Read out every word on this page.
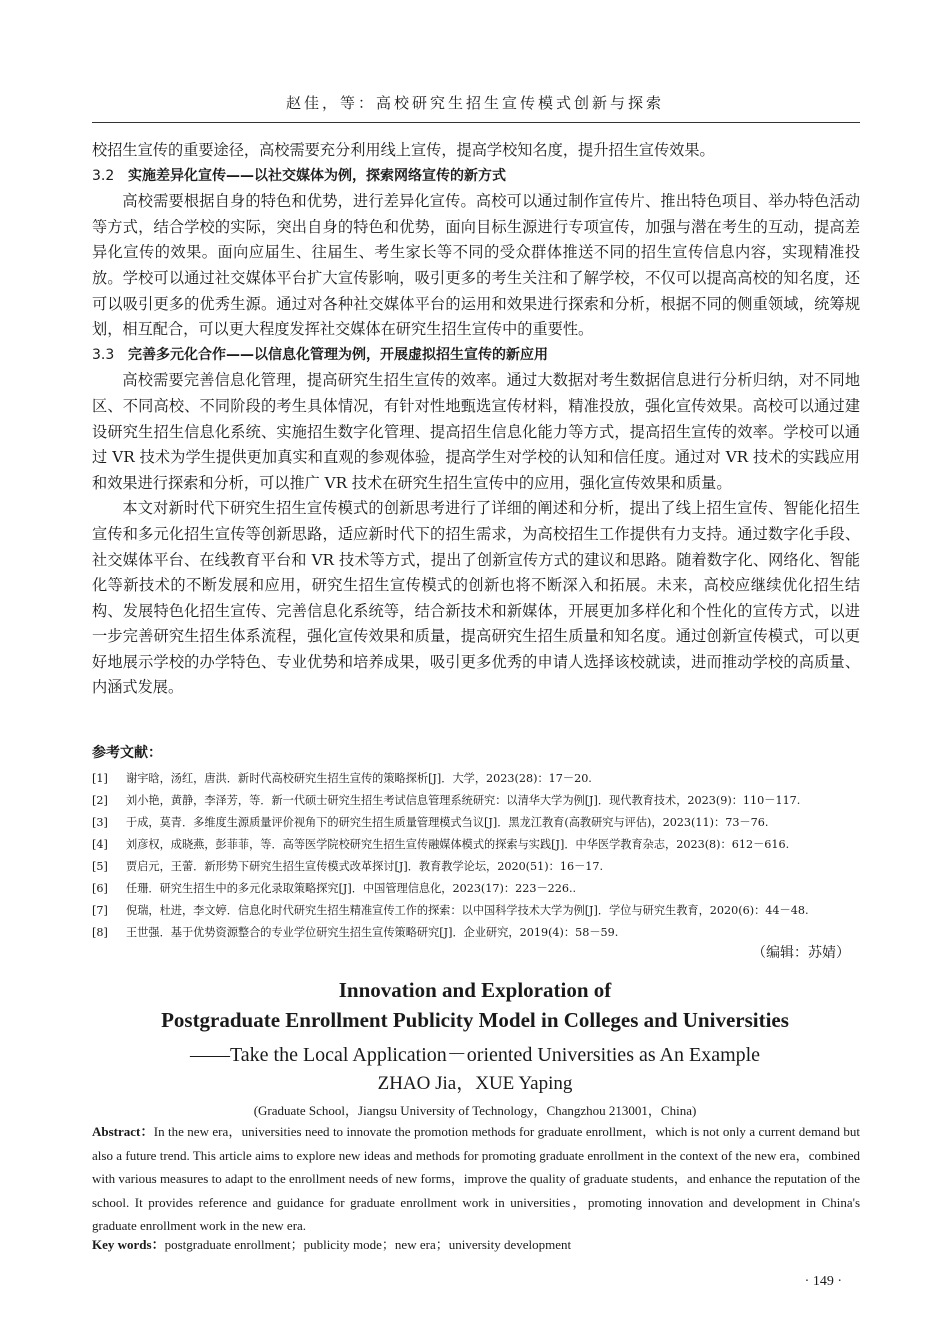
赵佳，等：高校研究生招生宣传模式创新与探索

校招生宣传的重要途径，高校需要充分利用线上宣传，提高学校知名度，提升招生宣传效果。

3.2 实施差异化宣传——以社交媒体为例，探索网络宣传的新方式

高校需要根据自身的特色和优势，进行差异化宣传。高校可以通过制作宣传片、推出特色项目、举办特色活动等方式，结合学校的实际，突出自身的特色和优势，面向目标生源进行专项宣传，加强与潜在考生的互动，提高差异化宣传的效果。面向应届生、往届生、考生家长等不同的受众群体推送不同的招生宣传信息内容，实现精准投放。学校可以通过社交媒体平台扩大宣传影响，吸引更多的考生关注和了解学校，不仅可以提高高校的知名度，还可以吸引更多的优秀生源。通过对各种社交媒体平台的运用和效果进行探索和分析，根据不同的侧重领域，统筹规划，相互配合，可以更大程度发挥社交媒体在研究生招生宣传中的重要性。

3.3 完善多元化合作——以信息化管理为例，开展虚拟招生宣传的新应用

高校需要完善信息化管理，提高研究生招生宣传的效率。通过大数据对考生数据信息进行分析归纳，对不同地区、不同高校、不同阶段的考生具体情况，有针对性地甄选宣传材料，精准投放，强化宣传效果。高校可以通过建设研究生招生信息化系统、实施招生数字化管理、提高招生信息化能力等方式，提高招生宣传的效率。学校可以通过 VR 技术为学生提供更加真实和直观的参观体验，提高学生对学校的认知和信任度。通过对 VR 技术的实践应用和效果进行探索和分析，可以推广 VR 技术在研究生招生宣传中的应用，强化宣传效果和质量。

本文对新时代下研究生招生宣传模式的创新思考进行了详细的阐述和分析，提出了线上招生宣传、智能化招生宣传和多元化招生宣传等创新思路，适应新时代下的招生需求，为高校招生工作提供有力支持。通过数字化手段、社交媒体平台、在线教育平台和 VR 技术等方式，提出了创新宣传方式的建议和思路。随着数字化、网络化、智能化等新技术的不断发展和应用，研究生招生宣传模式的创新也将不断深入和拓展。未来，高校应继续优化招生结构、发展特色化招生宣传、完善信息化系统等，结合新技术和新媒体，开展更加多样化和个性化的宣传方式，以进一步完善研究生招生体系流程，强化宣传效果和质量，提高研究生招生质量和知名度。通过创新宣传模式，可以更好地展示学校的办学特色、专业优势和培养成果，吸引更多优秀的申请人选择该校就读，进而推动学校的高质量、内涵式发展。

参考文献：
[1] 谢宇晗，汤红，唐洪．新时代高校研究生招生宣传的策略探析[J]．大学，2023(28)：17－20.
[2] 刘小艳，黄静，李泽芳，等．新一代硕士研究生招生考试信息管理系统研究：以清华大学为例[J]．现代教育技术，2023(9)：110－117.
[3] 于成，莫青．多维度生源质量评价视角下的研究生招生质量管理模式刍议[J]．黑龙江教育(高教研究与评估)，2023(11)：73－76.
[4] 刘彦权，成晓燕，彭菲菲，等．高等医学院校研究生招生宣传融媒体模式的探索与实践[J]．中华医学教育杂志，2023(8)：612－616.
[5] 贾启元，王蕾．新形势下研究生招生宣传模式改革探讨[J]．教育教学论坛，2020(51)：16－17.
[6] 任珊．研究生招生中的多元化录取策略探究[J]．中国管理信息化，2023(17)：223－226..
[7] 倪瑞，杜进，李文婷．信息化时代研究生招生精准宣传工作的探索：以中国科学技术大学为例[J]．学位与研究生教育，2020(6)：44－48.
[8] 王世强．基于优势资源整合的专业学位研究生招生宣传策略研究[J]．企业研究，2019(4)：58－59.
（编辑：苏婧）
Innovation and Exploration of
Postgraduate Enrollment Publicity Model in Colleges and Universities
——Take the Local Application－oriented Universities as An Example
ZHAO Jia，XUE Yaping
(Graduate School，Jiangsu University of Technology，Changzhou 213001，China)
Abstract：In the new era，universities need to innovate the promotion methods for graduate enrollment，which is not only a current demand but also a future trend. This article aims to explore new ideas and methods for promoting graduate enrollment in the context of the new era，combined with various measures to adapt to the enrollment needs of new forms，improve the quality of graduate students，and enhance the reputation of the school. It provides reference and guidance for graduate enrollment work in universities，promoting innovation and development in China's graduate enrollment work in the new era.
Key words：postgraduate enrollment；publicity mode；new era；university development
· 149 ·
